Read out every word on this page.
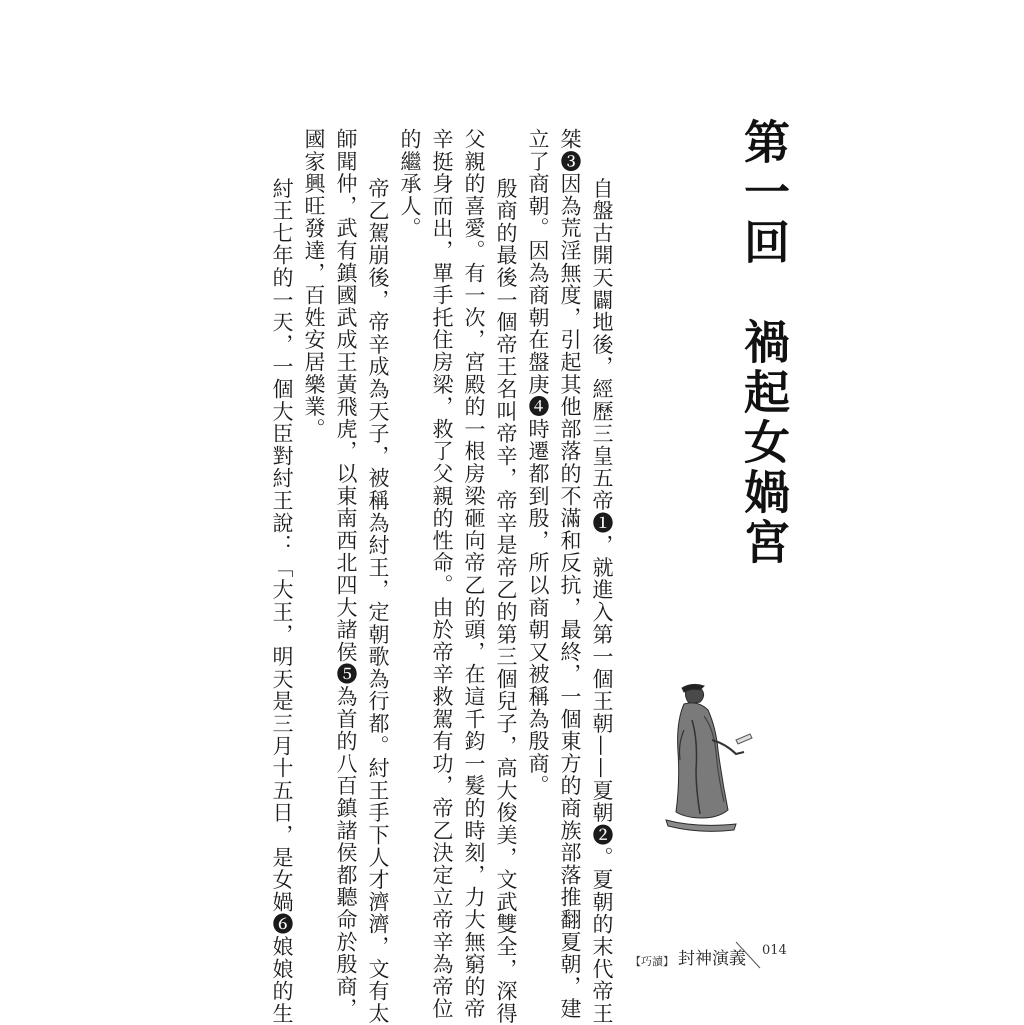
第一回　禍起女媧宮
　自盤古開天闢地後，經歷三皇五帝❶，就進入第一個王朝——夏朝❷。夏朝的末代帝王
桀❸因為荒淫無度，引起其他部落的不滿和反抗，最終，一個東方的商族部落推翻夏朝，建
立了商朝。因為商朝在盤庚❹時遷都到殷，所以商朝又被稱為殷商。
　殷商的最後一個帝王名叫帝辛，帝辛是帝乙的第三個兒子，高大俊美，文武雙全，深得
父親的喜愛。有一次，宮殿的一根房梁砸向帝乙的頭，在這千鈞一髮的時刻，力大無窮的帝
辛挺身而出，單手托住房梁，救了父親的性命。由於帝辛救駕有功，帝乙決定立帝辛為帝位
的繼承人。
　帝乙駕崩後，帝辛成為天子，被稱為紂王，定朝歌為行都。紂王手下人才濟濟，文有太
師聞仲，武有鎮國武成王黃飛虎，以東南西北四大諸侯❺為首的八百鎮諸侯都聽命於殷商，
國家興旺發達，百姓安居樂業。
　紂王七年的一天，一個大臣對紂王說：「大王，明天是三月十五日，是女媧❻娘娘的生	【巧讀】 封神演義 014
